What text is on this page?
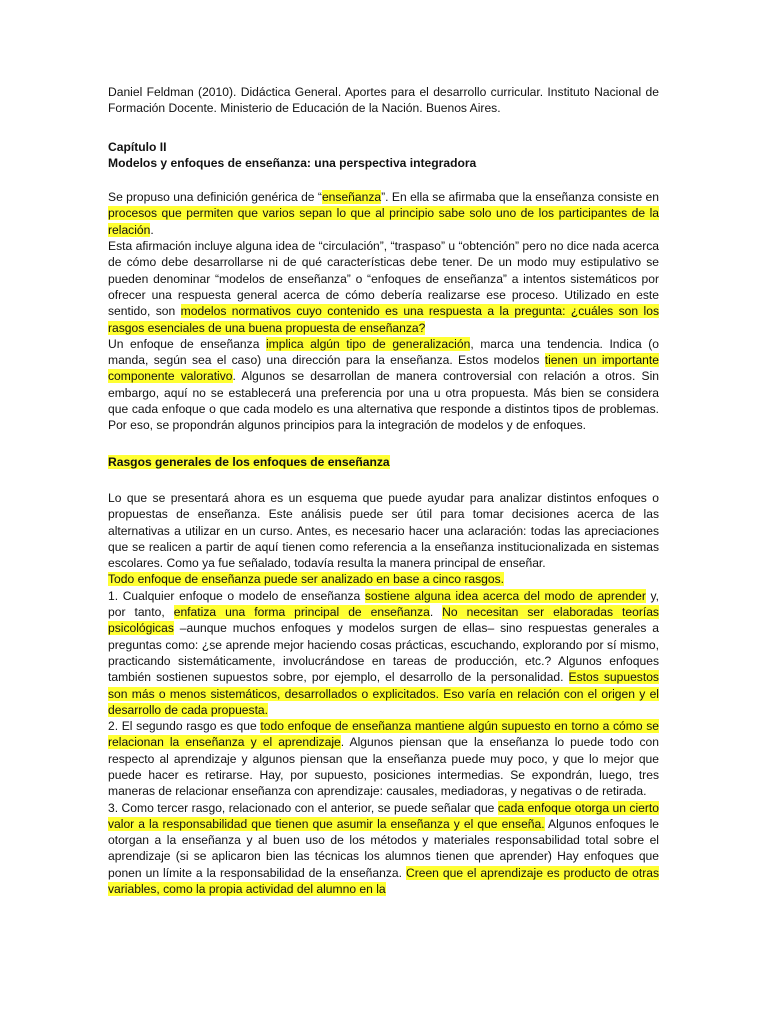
Daniel Feldman (2010). Didáctica General. Aportes para el desarrollo curricular. Instituto Nacional de Formación Docente. Ministerio de Educación de la Nación. Buenos Aires.

Capítulo II

Modelos y enfoques de enseñanza: una perspectiva integradora

Se propuso una definición genérica de “enseñanza”. En ella se afirmaba que la enseñanza consiste en procesos que permiten que varios sepan lo que al principio sabe solo uno de los participantes de la relación.

Esta afirmación incluye alguna idea de “circulación”, “traspaso” u “obtención” pero no dice nada acerca de cómo debe desarrollarse ni de qué características debe tener. De un modo muy estipulativo se pueden denominar “modelos de enseñanza” o “enfoques de enseñanza” a intentos sistemáticos por ofrecer una respuesta general acerca de cómo debería realizarse ese proceso. Utilizado en este sentido, son modelos normativos cuyo contenido es una respuesta a la pregunta: ¿cuáles son los rasgos esenciales de una buena propuesta de enseñanza?

Un enfoque de enseñanza implica algún tipo de generalización, marca una tendencia. Indica (o manda, según sea el caso) una dirección para la enseñanza. Estos modelos tienen un importante componente valorativo. Algunos se desarrollan de manera controversial con relación a otros. Sin embargo, aquí no se establecerá una preferencia por una u otra propuesta. Más bien se considera que cada enfoque o que cada modelo es una alternativa que responde a distintos tipos de problemas. Por eso, se propondrán algunos principios para la integración de modelos y de enfoques.

Rasgos generales de los enfoques de enseñanza

Lo que se presentará ahora es un esquema que puede ayudar para analizar distintos enfoques o propuestas de enseñanza. Este análisis puede ser útil para tomar decisiones acerca de las alternativas a utilizar en un curso. Antes, es necesario hacer una aclaración: todas las apreciaciones que se realicen a partir de aquí tienen como referencia a la enseñanza institucionalizada en sistemas escolares. Como ya fue señalado, todavía resulta la manera principal de enseñar.

Todo enfoque de enseñanza puede ser analizado en base a cinco rasgos.

1. Cualquier enfoque o modelo de enseñanza sostiene alguna idea acerca del modo de aprender y, por tanto, enfatiza una forma principal de enseñanza. No necesitan ser elaboradas teorías psicológicas –aunque muchos enfoques y modelos surgen de ellas– sino respuestas generales a preguntas como: ¿se aprende mejor haciendo cosas prácticas, escuchando, explorando por sí mismo, practicando sistemáticamente, involucrándose en tareas de producción, etc.? Algunos enfoques también sostienen supuestos sobre, por ejemplo, el desarrollo de la personalidad. Estos supuestos son más o menos sistemáticos, desarrollados o explicitados. Eso varía en relación con el origen y el desarrollo de cada propuesta.

2. El segundo rasgo es que todo enfoque de enseñanza mantiene algún supuesto en torno a cómo se relacionan la enseñanza y el aprendizaje. Algunos piensan que la enseñanza lo puede todo con respecto al aprendizaje y algunos piensan que la enseñanza puede muy poco, y que lo mejor que puede hacer es retirarse. Hay, por supuesto, posiciones intermedias. Se expondrán, luego, tres maneras de relacionar enseñanza con aprendizaje: causales, mediadoras, y negativas o de retirada.

3. Como tercer rasgo, relacionado con el anterior, se puede señalar que cada enfoque otorga un cierto valor a la responsabilidad que tienen que asumir la enseñanza y el que enseña. Algunos enfoques le otorgan a la enseñanza y al buen uso de los métodos y materiales responsabilidad total sobre el aprendizaje (si se aplicaron bien las técnicas los alumnos tienen que aprender) Hay enfoques que ponen un límite a la responsabilidad de la enseñanza. Creen que el aprendizaje es producto de otras variables, como la propia actividad del alumno en la
